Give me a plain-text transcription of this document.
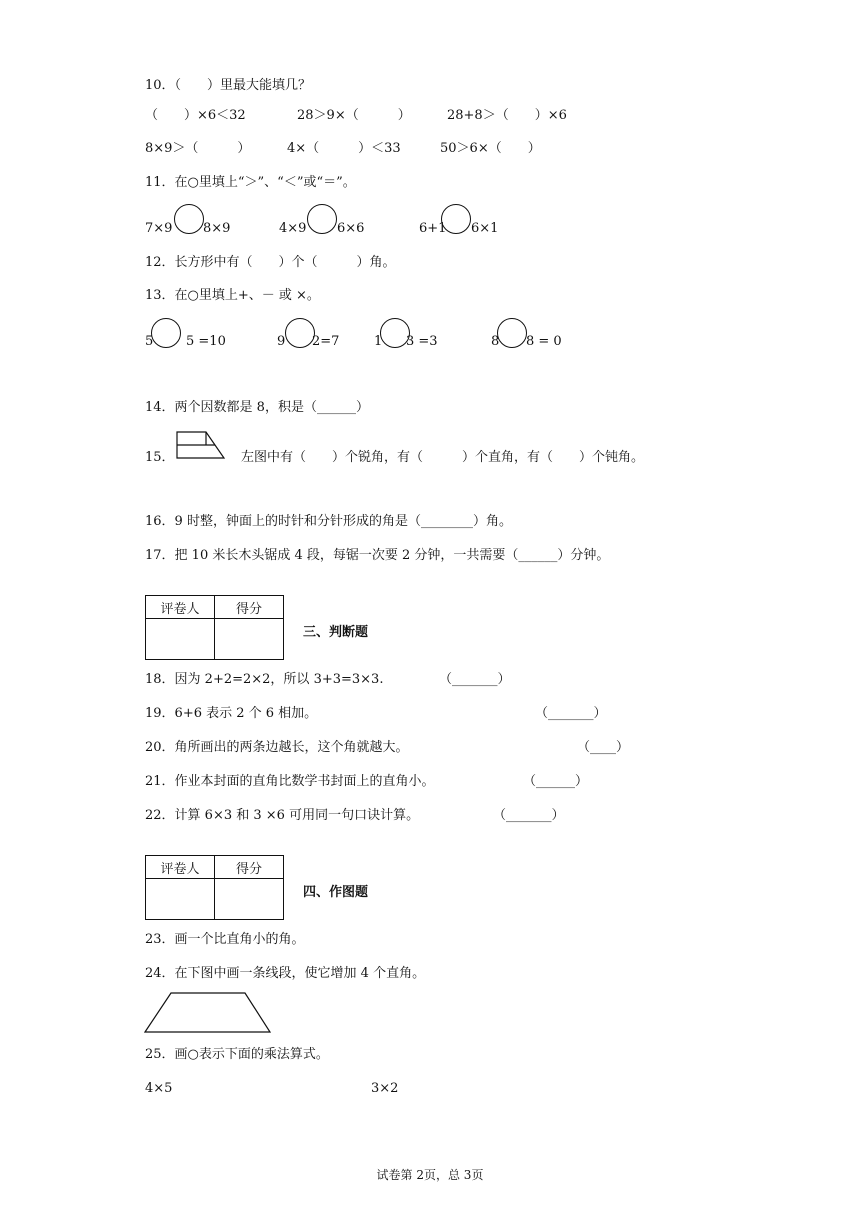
10．（　　）里最大能填几？
（　　）×6＜32	28＞9×（　　　）	28+8＞（　　）×6
8×9＞（　　　）	4×（　　　）＜33	50＞6×（　　）
11．在○里填上“＞”、“＜”或“＝”。
7×9 8×9	4×9 6×6	6+1 6×1
12．长方形中有（　　）个（　　　）角。
13．在○里填上+、－ 或 ×。
5	5 =10	9 2=7	1 3 =3	8 8 = 0
14．两个因数都是 8，积是（______）
15．	左图中有（　　）个锐角，有（　　　）个直角，有（　　）个钝角。
16．9 时整，钟面上的时针和分针形成的角是（________）角。
17．把 10 米长木头锯成 4 段，每锯一次要 2 分钟，一共需要（______）分钟。
评卷人	得分

三、判断题
18．因为 2+2=2×2，所以 3+3=3×3.	（_______）
19．6+6 表示 2 个 6 相加。	（_______）
20．角所画出的两条边越长，这个角就越大。	（____）
21．作业本封面的直角比数学书封面上的直角小。	（______）
22．计算 6×3 和 3 ×6 可用同一句口诀计算。	（_______）
评卷人	得分

四、作图题
23．画一个比直角小的角。
24．在下图中画一条线段，使它增加 4 个直角。
25．画○表示下面的乘法算式。
4×5	3×2
试卷第 2页，总 3页
